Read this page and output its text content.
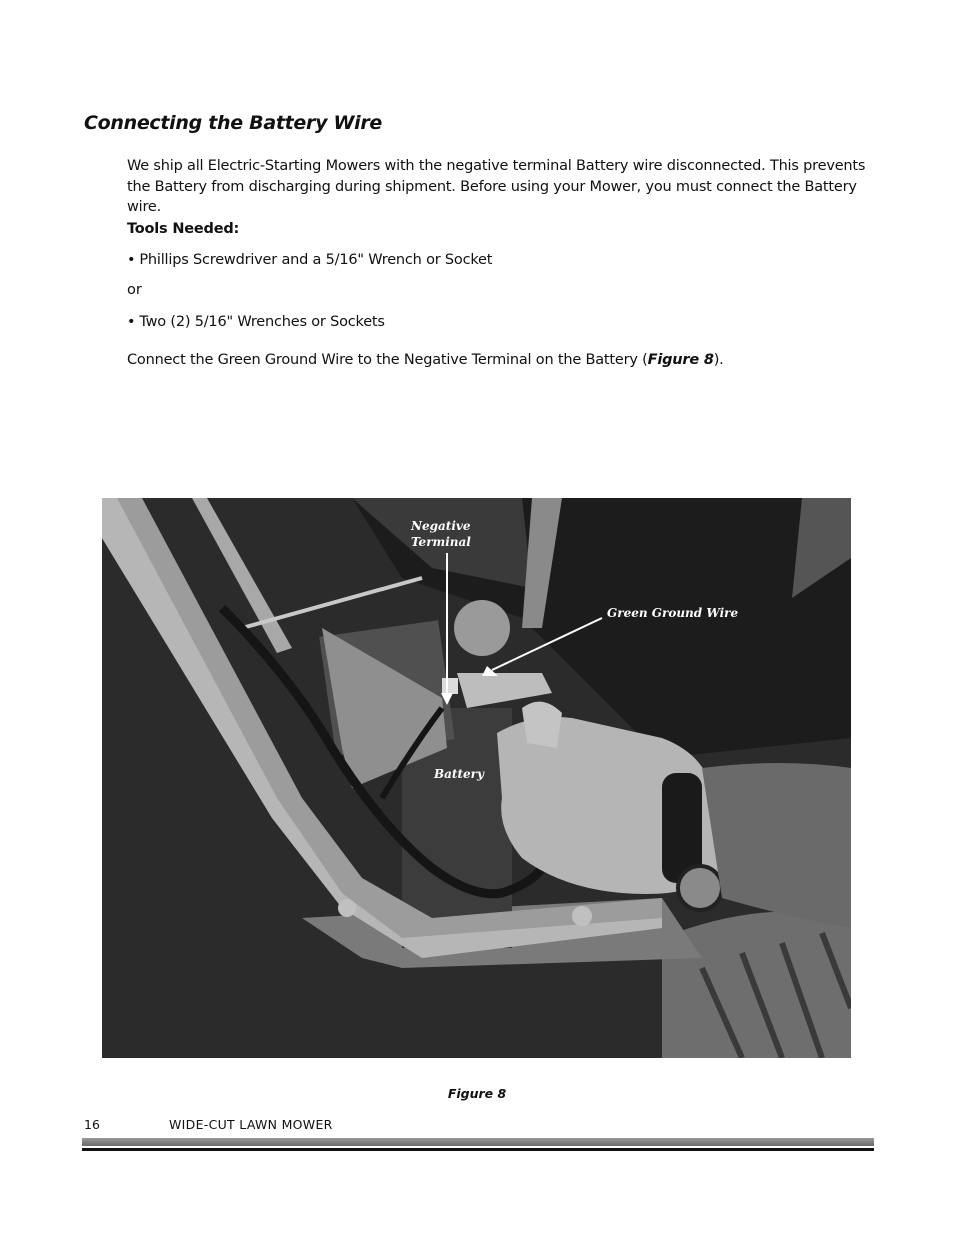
Connecting the Battery Wire

We ship all Electric-Starting Mowers with the negative terminal Battery wire disconnected. This prevents the Battery from discharging during shipment. Before using your Mower, you must connect the Battery wire.

Tools Needed:

• Phillips Screwdriver and a 5/16" Wrench or Socket

or

• Two (2) 5/16" Wrenches or Sockets

Connect the Green Ground Wire to the Negative Terminal on the Battery (Figure 8).

Negative Terminal
Green Ground Wire
Battery

Figure 8

16	WIDE-CUT LAWN MOWER
